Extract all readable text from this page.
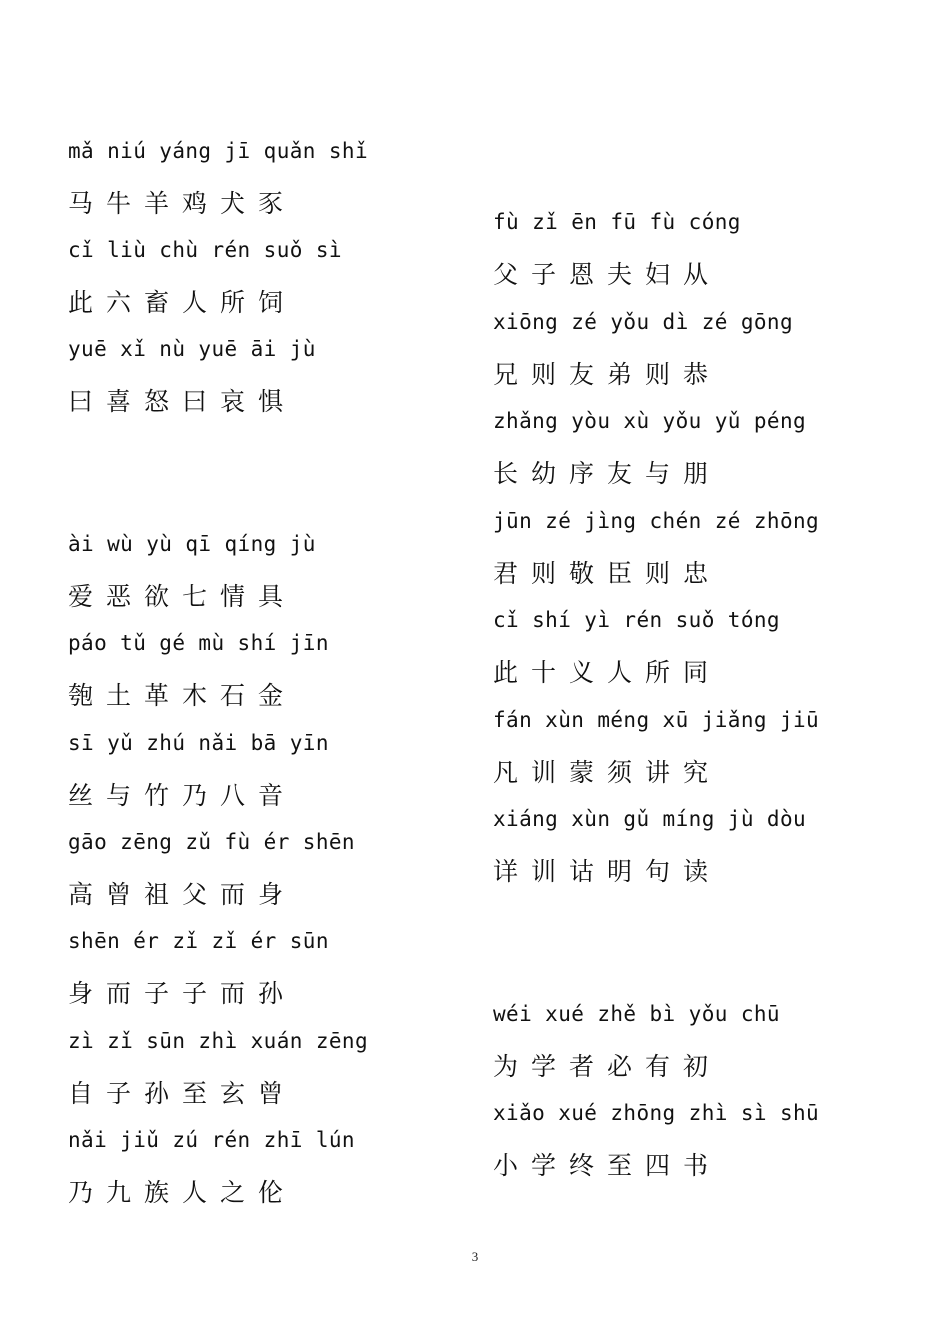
mǎ niú yáng jī quǎn shǐ
马牛羊鸡犬豕
cǐ liù chù rén suǒ sì
此六畜人所饲
yuē xǐ nù yuē āi jù
曰喜怒曰哀惧
ài wù yù qī qíng jù
爱恶欲七情具
páo tǔ gé mù shí jīn
匏土革木石金
sī yǔ zhú nǎi bā yīn
丝与竹乃八音
gāo zēng zǔ fù ér shēn
高曾祖父而身
shēn ér zǐ zǐ ér sūn
身而子子而孙
zì zǐ sūn zhì xuán zēng
自子孙至玄曾
nǎi jiǔ zú rén zhī lún
乃九族人之伦
fù zǐ ēn fū fù cóng
父子恩夫妇从
xiōng zé yǒu dì zé gōng
兄则友弟则恭
zhǎng yòu xù yǒu yǔ péng
长幼序友与朋
jūn zé jìng chén zé zhōng
君则敬臣则忠
cǐ shí yì rén suǒ tóng
此十义人所同
fán xùn méng xū jiǎng jiū
凡训蒙须讲究
xiáng xùn gǔ míng jù dòu
详训诂明句读
wéi xué zhě bì yǒu chū
为学者必有初
xiǎo xué zhōng zhì sì shū
小学终至四书
3
